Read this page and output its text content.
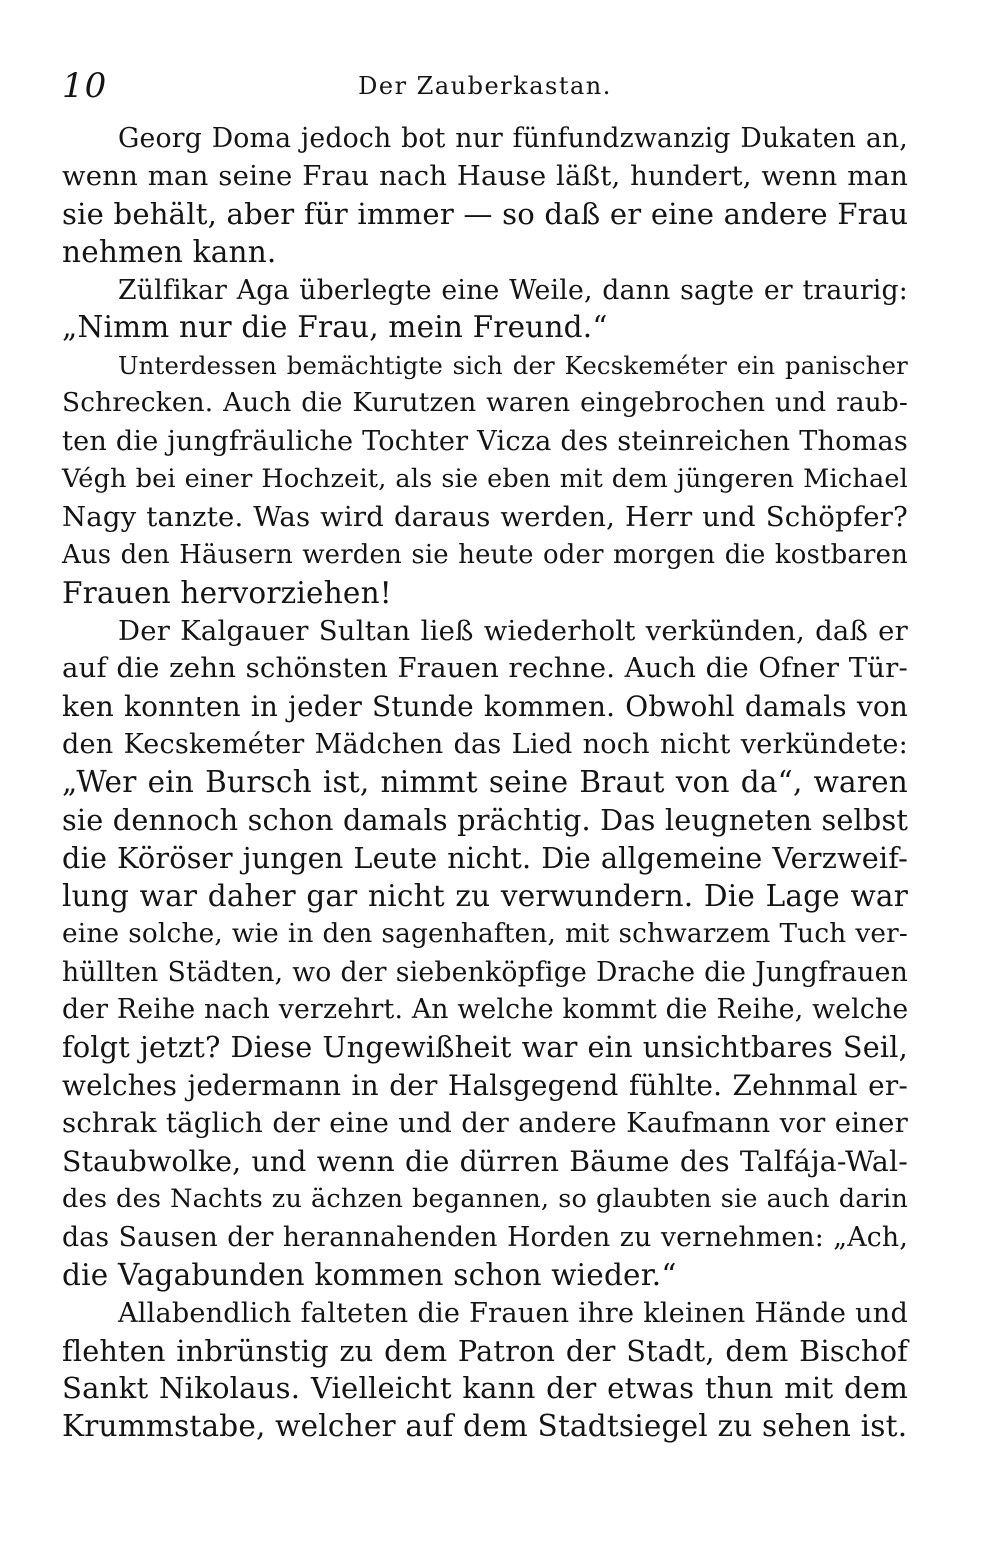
10	Der Zauberkastan.
Georg Doma jedoch bot nur fünfundzwanzig Dukaten an,
wenn man seine Frau nach Hause läßt, hundert, wenn man
sie behält, aber für immer — so daß er eine andere Frau
nehmen kann.
Zülfikar Aga überlegte eine Weile, dann sagte er traurig:
„Nimm nur die Frau, mein Freund.“
Unterdessen bemächtigte sich der Kecskeméter ein panischer
Schrecken. Auch die Kurutzen waren eingebrochen und raub-
ten die jungfräuliche Tochter Vicza des steinreichen Thomas
Végh bei einer Hochzeit, als sie eben mit dem jüngeren Michael
Nagy tanzte. Was wird daraus werden, Herr und Schöpfer?
Aus den Häusern werden sie heute oder morgen die kostbaren
Frauen hervorziehen!
Der Kalgauer Sultan ließ wiederholt verkünden, daß er
auf die zehn schönsten Frauen rechne. Auch die Ofner Tür-
ken konnten in jeder Stunde kommen. Obwohl damals von
den Kecskeméter Mädchen das Lied noch nicht verkündete:
„Wer ein Bursch ist, nimmt seine Braut von da“, waren
sie dennoch schon damals prächtig. Das leugneten selbst
die Köröser jungen Leute nicht. Die allgemeine Verzweif-
lung war daher gar nicht zu verwundern. Die Lage war
eine solche, wie in den sagenhaften, mit schwarzem Tuch ver-
hüllten Städten, wo der siebenköpfige Drache die Jungfrauen
der Reihe nach verzehrt. An welche kommt die Reihe, welche
folgt jetzt? Diese Ungewißheit war ein unsichtbares Seil,
welches jedermann in der Halsgegend fühlte. Zehnmal er-
schrak täglich der eine und der andere Kaufmann vor einer
Staubwolke, und wenn die dürren Bäume des Talfája-Wal-
des des Nachts zu ächzen begannen, so glaubten sie auch darin
das Sausen der herannahenden Horden zu vernehmen: „Ach,
die Vagabunden kommen schon wieder.“
Allabendlich falteten die Frauen ihre kleinen Hände und
flehten inbrünstig zu dem Patron der Stadt, dem Bischof
Sankt Nikolaus. Vielleicht kann der etwas thun mit dem
Krummstabe, welcher auf dem Stadtsiegel zu sehen ist.
